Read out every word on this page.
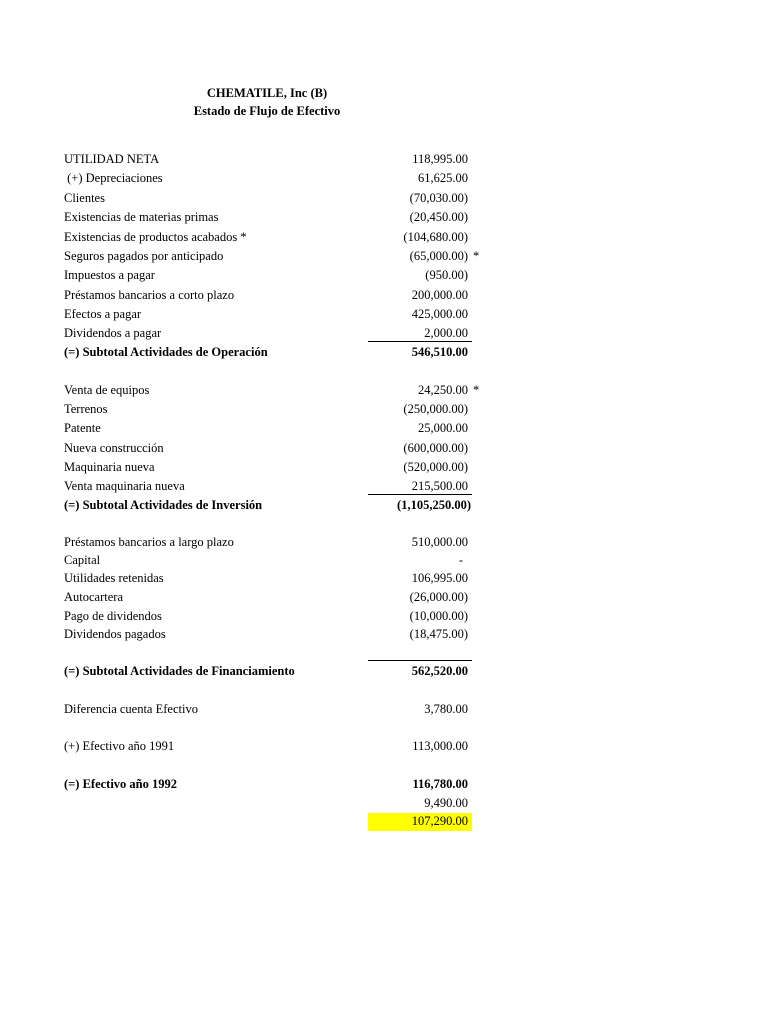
CHEMATILE, Inc (B)
Estado de Flujo de Efectivo
UTILIDAD NETA	118,995.00
(+) Depreciaciones	61,625.00
Clientes	(70,030.00)
Existencias de materias primas	(20,450.00)
Existencias de productos acabados *	(104,680.00)
Seguros pagados por anticipado	(65,000.00) *
Impuestos a pagar	(950.00)
Préstamos bancarios a corto plazo	200,000.00
Efectos a pagar	425,000.00
Dividendos a pagar	2,000.00
(=) Subtotal Actividades de Operación	546,510.00
Venta de equipos	24,250.00 *
Terrenos	(250,000.00)
Patente	25,000.00
Nueva construcción	(600,000.00)
Maquinaria nueva	(520,000.00)
Venta maquinaria nueva	215,500.00
(=) Subtotal Actividades de Inversión	(1,105,250.00)
Préstamos bancarios a largo plazo	510,000.00
Capital	-
Utilidades retenidas	106,995.00
Autocartera	(26,000.00)
Pago de dividendos	(10,000.00)
Dividendos pagados	(18,475.00)
(=) Subtotal Actividades de Financiamiento	562,520.00
Diferencia cuenta Efectivo	3,780.00
(+) Efectivo año 1991	113,000.00
(=) Efectivo año 1992	116,780.00
9,490.00
107,290.00
